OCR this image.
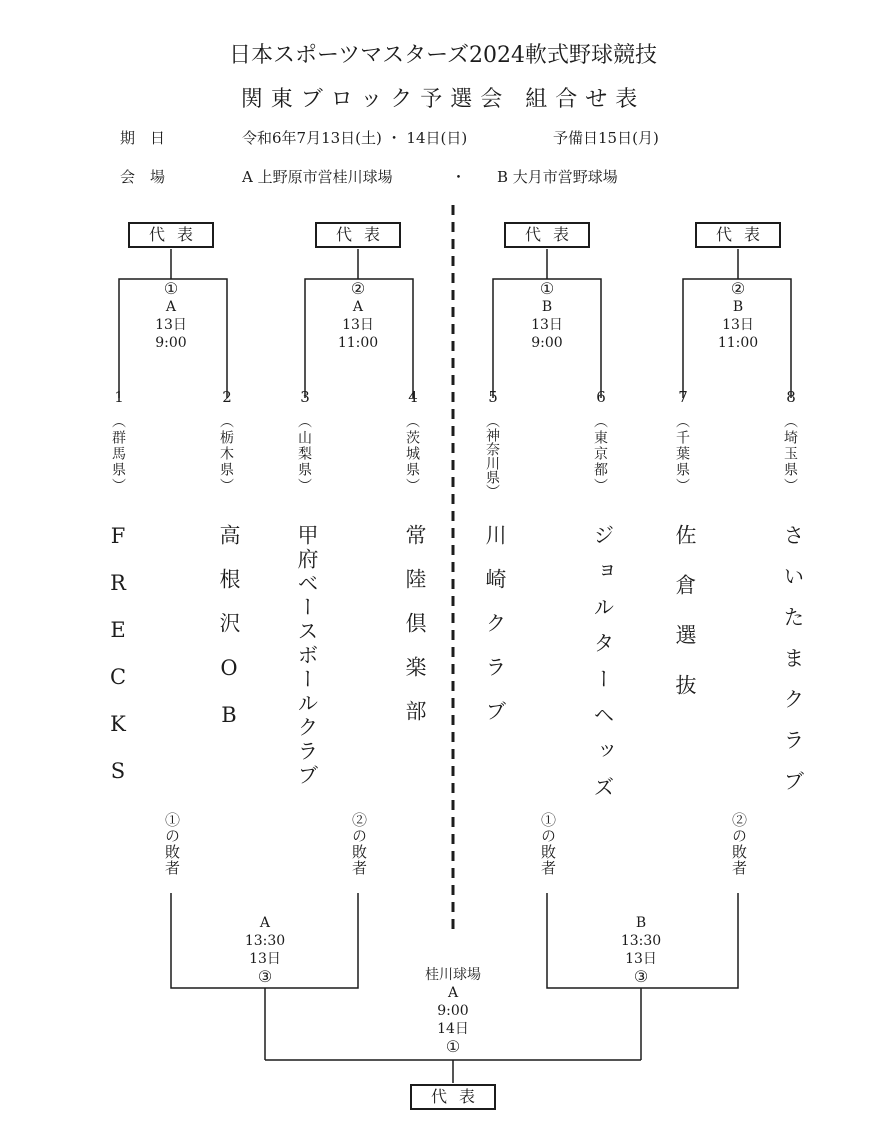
日本スポーツマスターズ2024軟式野球競技
関東ブロック予選会 組合せ表
期　日	令和6年7月13日(土) ・ 14日(日)	予備日15日(月)
会　場	A 上野原市営桂川球場	・ B 大月市営野球場
代表	代表	代表	代表
①
A
13日
9:00
②
A
13日
11:00
①
B
13日
9:00
②
B
13日
11:00
1	2	3	4	5	6	7	8
（群馬県）	（栃木県）	（山梨県）	（茨城県）	（神奈川県）	（東京都）	（千葉県）	（埼玉県）
FRECKS	高根沢OB	甲府ベースボールクラブ	常陸倶楽部	川崎クラブ	ジョルターヘッズ	佐倉選抜	さいたまクラブ
①の敗者	②の敗者	①の敗者	②の敗者
A
13:30
13日
③
B
13:30
13日
③
桂川球場
A
9:00
14日
①
代表
